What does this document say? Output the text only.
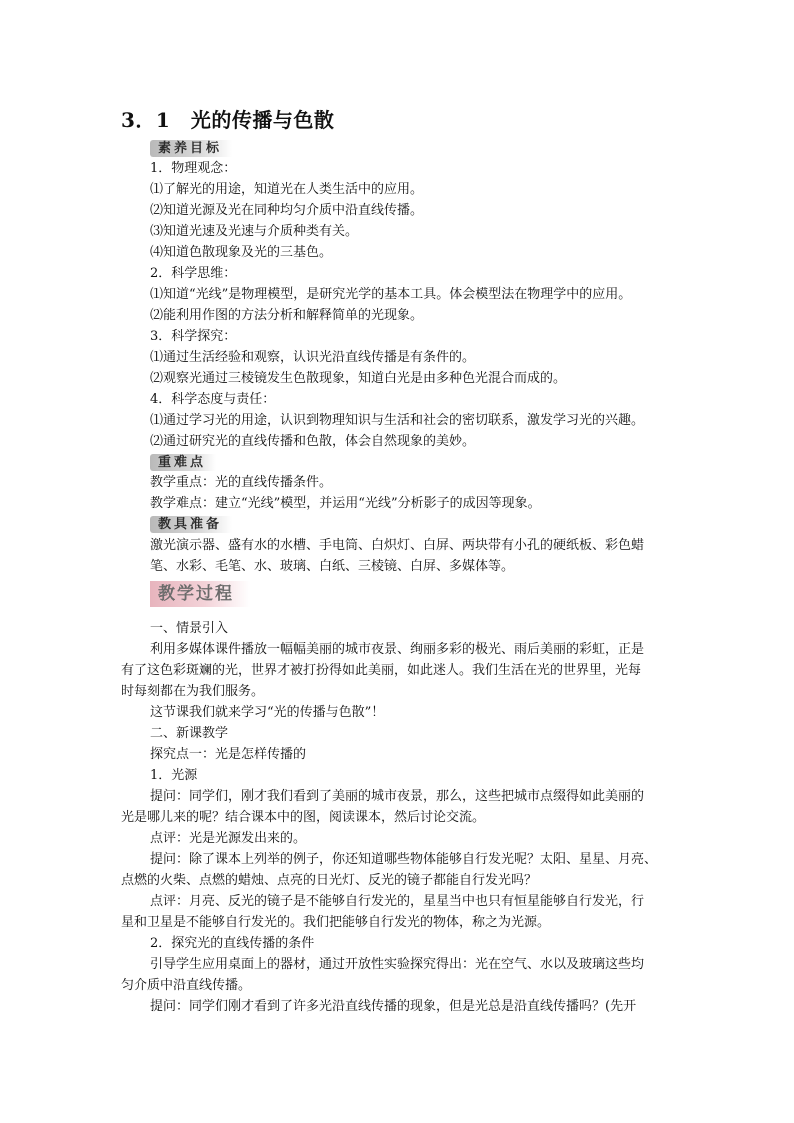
3．1　光的传播与色散
素养目标
1．物理观念：
⑴了解光的用途，知道光在人类生活中的应用。
⑵知道光源及光在同种均匀介质中沿直线传播。
⑶知道光速及光速与介质种类有关。
⑷知道色散现象及光的三基色。
2．科学思维：
⑴知道“光线”是物理模型，是研究光学的基本工具。体会模型法在物理学中的应用。
⑵能利用作图的方法分析和解释简单的光现象。
3．科学探究：
⑴通过生活经验和观察，认识光沿直线传播是有条件的。
⑵观察光通过三棱镜发生色散现象，知道白光是由多种色光混合而成的。
4．科学态度与责任：
⑴通过学习光的用途，认识到物理知识与生活和社会的密切联系，激发学习光的兴趣。
⑵通过研究光的直线传播和色散，体会自然现象的美妙。
重难点
教学重点：光的直线传播条件。
教学难点：建立“光线”模型，并运用“光线”分析影子的成因等现象。
教具准备
激光演示器、盛有水的水槽、手电筒、白炽灯、白屏、两块带有小孔的硬纸板、彩色蜡
笔、水彩、毛笔、水、玻璃、白纸、三棱镜、白屏、多媒体等。
教学过程
一、情景引入
利用多媒体课件播放一幅幅美丽的城市夜景、绚丽多彩的极光、雨后美丽的彩虹，正是
有了这色彩斑斓的光，世界才被打扮得如此美丽，如此迷人。我们生活在光的世界里，光每
时每刻都在为我们服务。
这节课我们就来学习“光的传播与色散”！
二、新课教学
探究点一：光是怎样传播的
1．光源
提问：同学们，刚才我们看到了美丽的城市夜景，那么，这些把城市点缀得如此美丽的
光是哪儿来的呢？结合课本中的图，阅读课本，然后讨论交流。
点评：光是光源发出来的。
提问：除了课本上列举的例子，你还知道哪些物体能够自行发光呢？太阳、星星、月亮、
点燃的火柴、点燃的蜡烛、点亮的日光灯、反光的镜子都能自行发光吗？
点评：月亮、反光的镜子是不能够自行发光的，星星当中也只有恒星能够自行发光，行
星和卫星是不能够自行发光的。我们把能够自行发光的物体，称之为光源。
2．探究光的直线传播的条件
引导学生应用桌面上的器材，通过开放性实验探究得出：光在空气、水以及玻璃这些均
匀介质中沿直线传播。
提问：同学们刚才看到了许多光沿直线传播的现象，但是光总是沿直线传播吗？(先开
